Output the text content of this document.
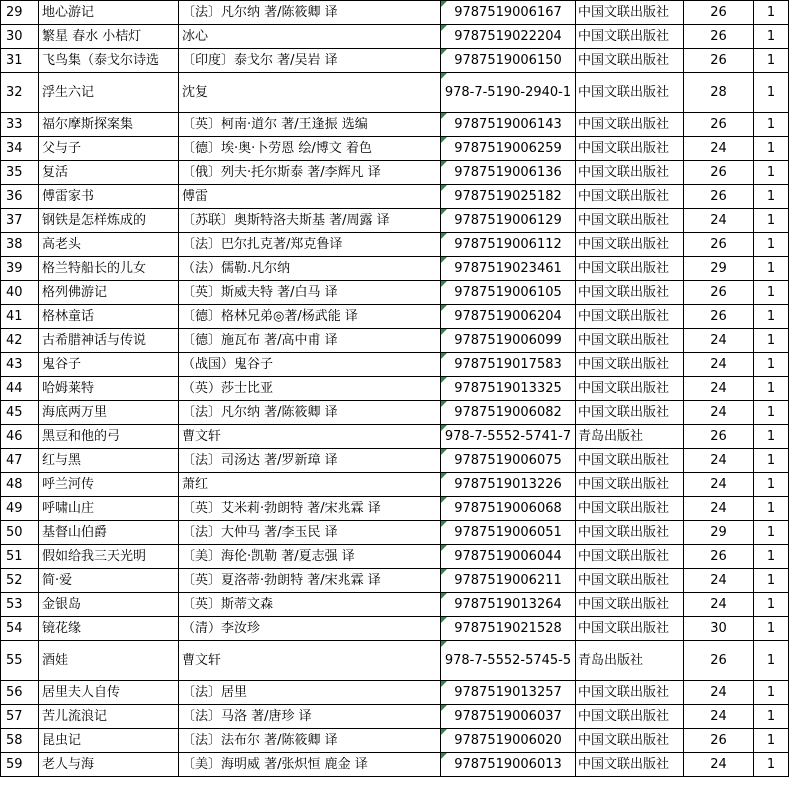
29	地心游记	〔法〕凡尔纳 著/陈筱卿 译	9787519006167	中国文联出版社	26	1
30	繁星 春水 小桔灯	冰心	9787519022204	中国文联出版社	26	1
31	飞鸟集（泰戈尔诗选	〔印度〕泰戈尔 著/吴岩 译	9787519006150	中国文联出版社	26	1
32	浮生六记	沈复	978-7-5190-2940-1	中国文联出版社	28	1
33	福尔摩斯探案集	〔英〕柯南·道尔 著/王逢振 选编	9787519006143	中国文联出版社	26	1
34	父与子	〔德〕埃·奥·卜劳恩 绘/博文 着色	9787519006259	中国文联出版社	24	1
35	复活	〔俄〕列夫·托尔斯泰 著/李辉凡 译	9787519006136	中国文联出版社	26	1
36	傅雷家书	傅雷	9787519025182	中国文联出版社	26	1
37	钢铁是怎样炼成的	〔苏联〕奥斯特洛夫斯基 著/周露 译	9787519006129	中国文联出版社	24	1
38	高老头	〔法〕巴尔扎克著/郑克鲁译	9787519006112	中国文联出版社	26	1
39	格兰特船长的儿女	（法）儒勒.凡尔纳	9787519023461	中国文联出版社	29	1
40	格列佛游记	〔英〕斯威夫特 著/白马 译	9787519006105	中国文联出版社	26	1
41	格林童话	〔德〕格林兄弟◎著/杨武能 译	9787519006204	中国文联出版社	26	1
42	古希腊神话与传说	〔德〕施瓦布 著/高中甫 译	9787519006099	中国文联出版社	24	1
43	鬼谷子	（战国）鬼谷子	9787519017583	中国文联出版社	24	1
44	哈姆莱特	（英）莎士比亚	9787519013325	中国文联出版社	24	1
45	海底两万里	〔法〕凡尔纳 著/陈筱卿 译	9787519006082	中国文联出版社	24	1
46	黑豆和他的弓	曹文轩	978-7-5552-5741-7	青岛出版社	26	1
47	红与黑	〔法〕司汤达 著/罗新璋 译	9787519006075	中国文联出版社	24	1
48	呼兰河传	萧红	9787519013226	中国文联出版社	24	1
49	呼啸山庄	〔英〕艾米莉·勃朗特 著/宋兆霖 译	9787519006068	中国文联出版社	24	1
50	基督山伯爵	〔法〕大仲马 著/李玉民 译	9787519006051	中国文联出版社	29	1
51	假如给我三天光明	〔美〕海伦·凯勒 著/夏志强 译	9787519006044	中国文联出版社	26	1
52	简·爱	〔英〕夏洛蒂·勃朗特 著/宋兆霖 译	9787519006211	中国文联出版社	24	1
53	金银岛	〔英〕斯蒂文森	9787519013264	中国文联出版社	24	1
54	镜花缘	（清）李汝珍	9787519021528	中国文联出版社	30	1
55	酒娃	曹文轩	978-7-5552-5745-5	青岛出版社	26	1
56	居里夫人自传	〔法〕居里	9787519013257	中国文联出版社	24	1
57	苦儿流浪记	〔法〕马洛 著/唐珍 译	9787519006037	中国文联出版社	24	1
58	昆虫记	〔法〕法布尔 著/陈筱卿 译	9787519006020	中国文联出版社	26	1
59	老人与海	〔美〕海明威 著/张炽恒 鹿金 译	9787519006013	中国文联出版社	24	1
